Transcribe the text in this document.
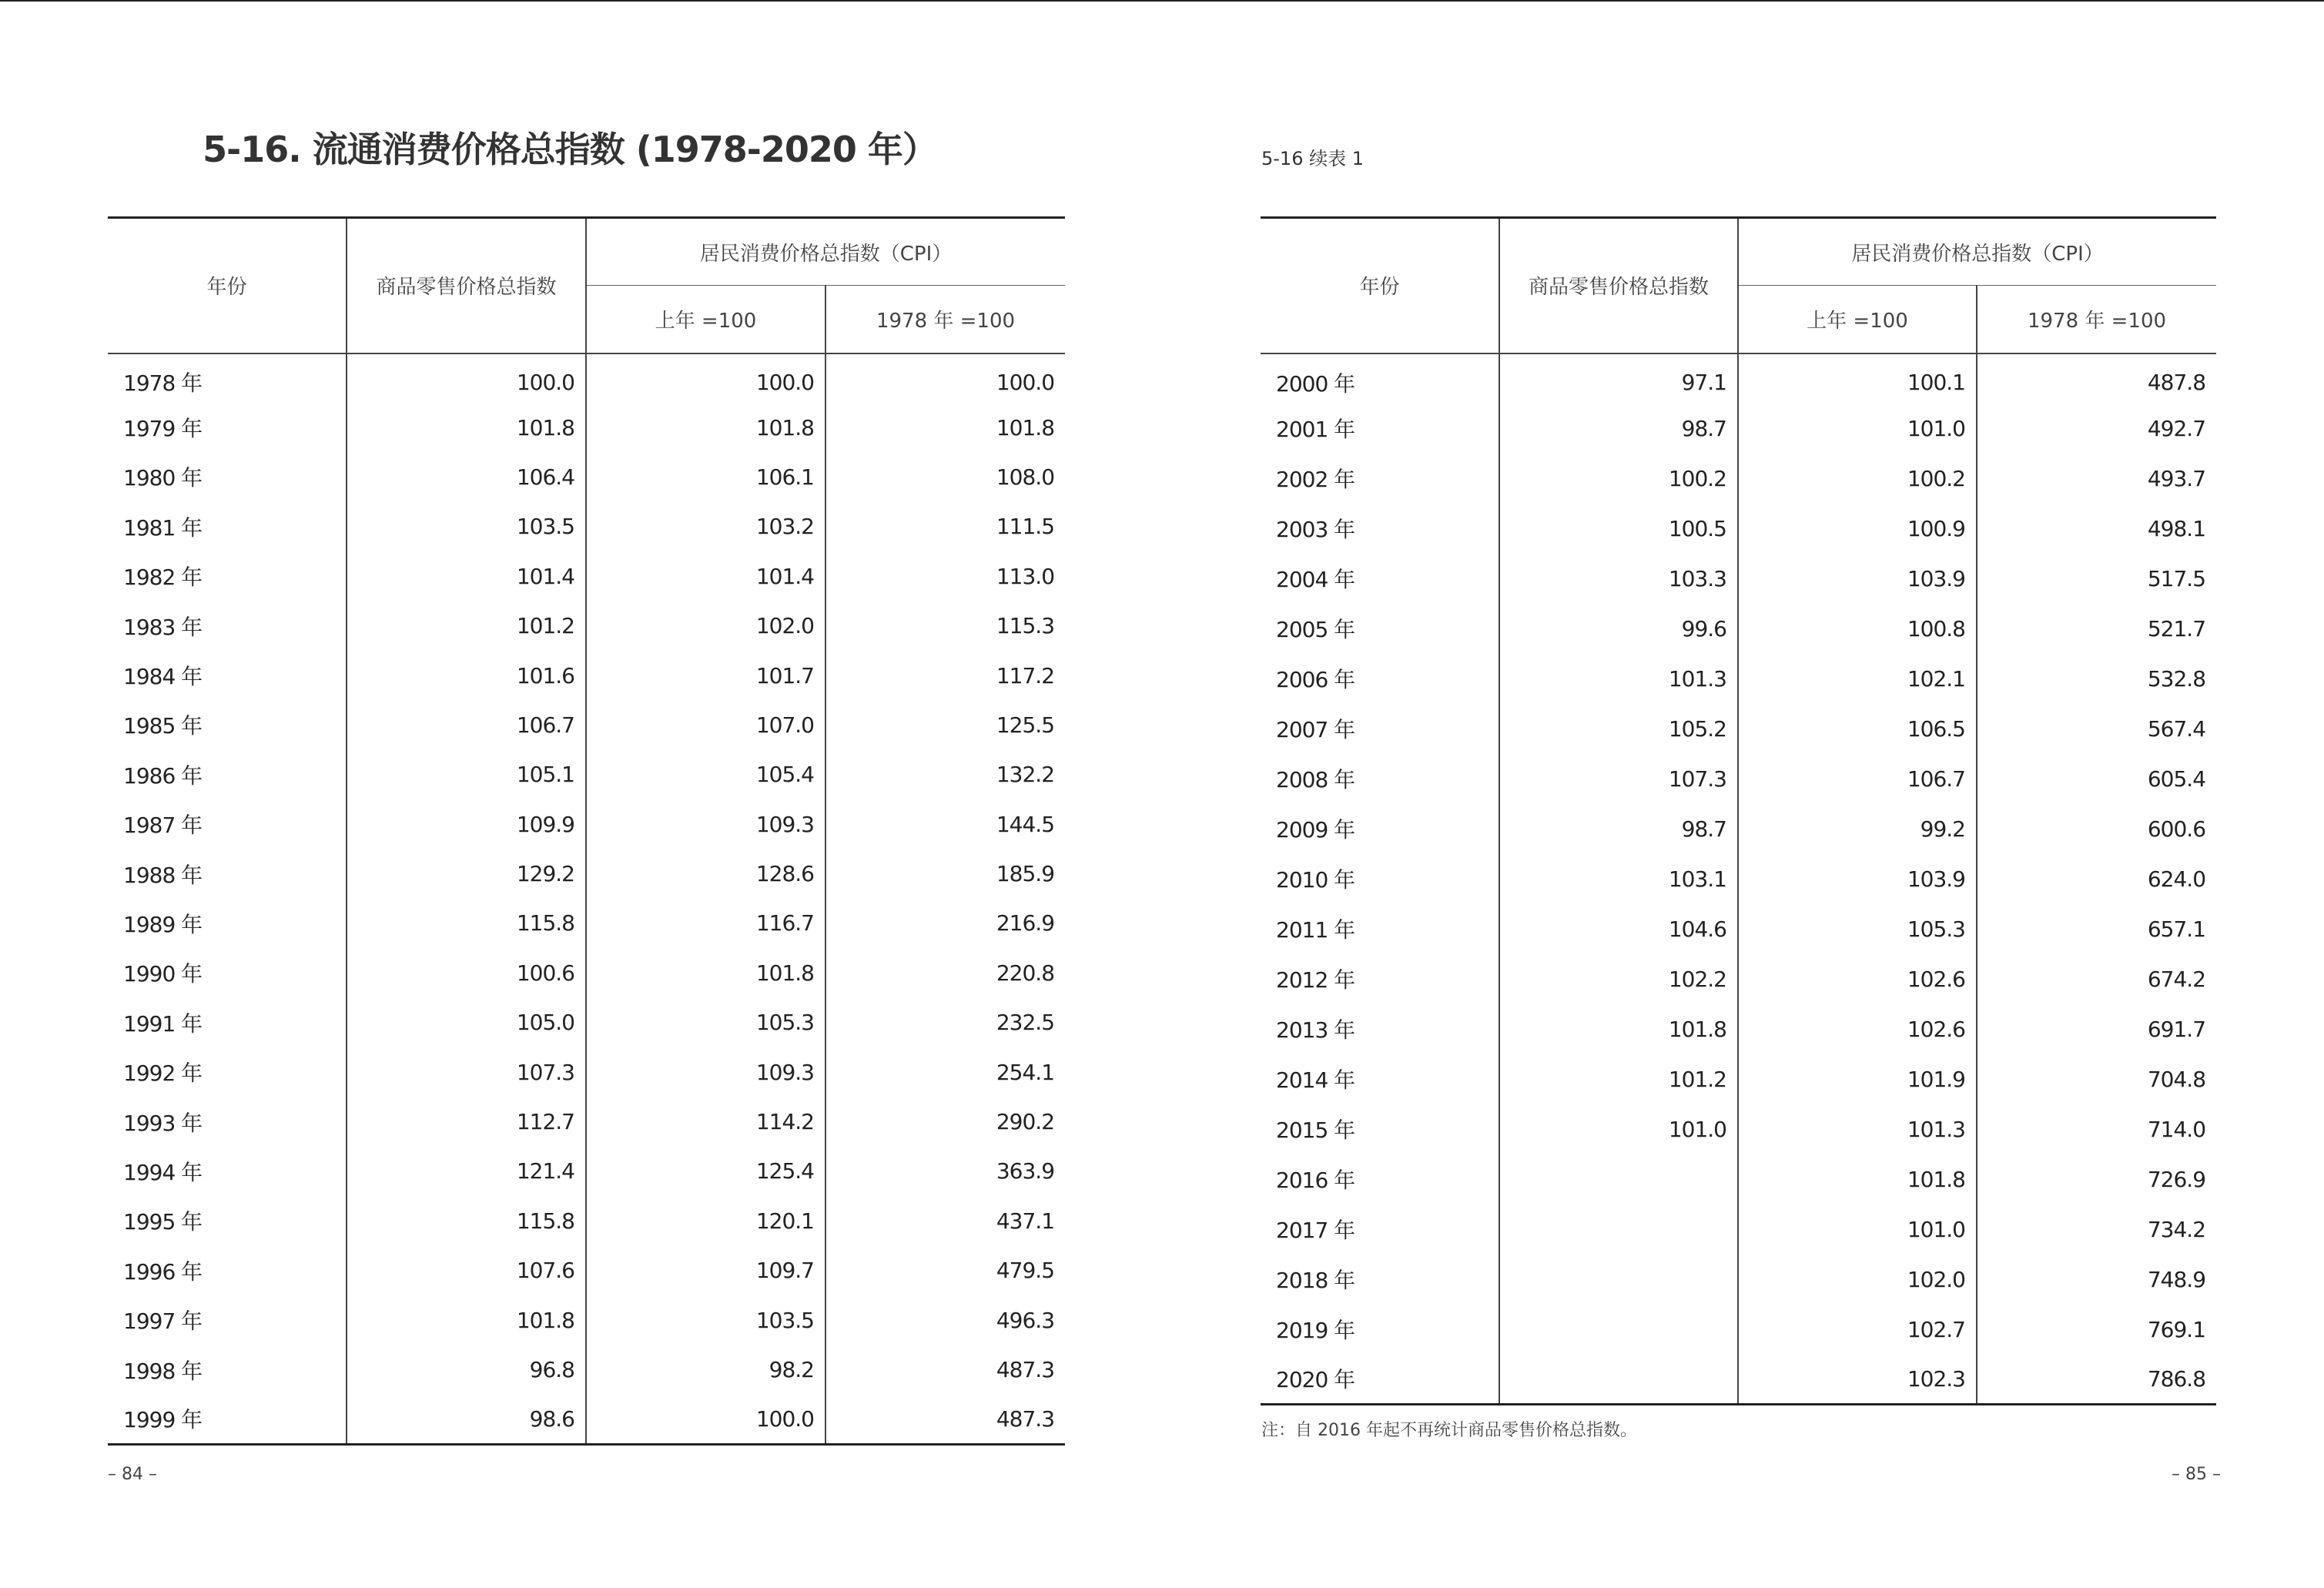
5-16. 流通消费价格总指数 (1978-2020 年）	5-16 续表 1
年份	商品零售价格总指数	居民消费价格总指数（CPI）	
		上年 =100	1978 年 =100
1978 年	100.0	100.0	100.0
1979 年	101.8	101.8	101.8
1980 年	106.4	106.1	108.0
1981 年	103.5	103.2	111.5
1982 年	101.4	101.4	113.0
1983 年	101.2	102.0	115.3
1984 年	101.6	101.7	117.2
1985 年	106.7	107.0	125.5
1986 年	105.1	105.4	132.2
1987 年	109.9	109.3	144.5
1988 年	129.2	128.6	185.9
1989 年	115.8	116.7	216.9
1990 年	100.6	101.8	220.8
1991 年	105.0	105.3	232.5
1992 年	107.3	109.3	254.1
1993 年	112.7	114.2	290.2
1994 年	121.4	125.4	363.9
1995 年	115.8	120.1	437.1
1996 年	107.6	109.7	479.5
1997 年	101.8	103.5	496.3
1998 年	96.8	98.2	487.3
1999 年	98.6	100.0	487.3
年份	商品零售价格总指数	居民消费价格总指数（CPI）	
		上年 =100	1978 年 =100
2000 年	97.1	100.1	487.8
2001 年	98.7	101.0	492.7
2002 年	100.2	100.2	493.7
2003 年	100.5	100.9	498.1
2004 年	103.3	103.9	517.5
2005 年	99.6	100.8	521.7
2006 年	101.3	102.1	532.8
2007 年	105.2	106.5	567.4
2008 年	107.3	106.7	605.4
2009 年	98.7	99.2	600.6
2010 年	103.1	103.9	624.0
2011 年	104.6	105.3	657.1
2012 年	102.2	102.6	674.2
2013 年	101.8	102.6	691.7
2014 年	101.2	101.9	704.8
2015 年	101.0	101.3	714.0
2016 年		101.8	726.9
2017 年		101.0	734.2
2018 年		102.0	748.9
2019 年		102.7	769.1
2020 年		102.3	786.8
注：自 2016 年起不再统计商品零售价格总指数。
– 84 –	– 85 –
